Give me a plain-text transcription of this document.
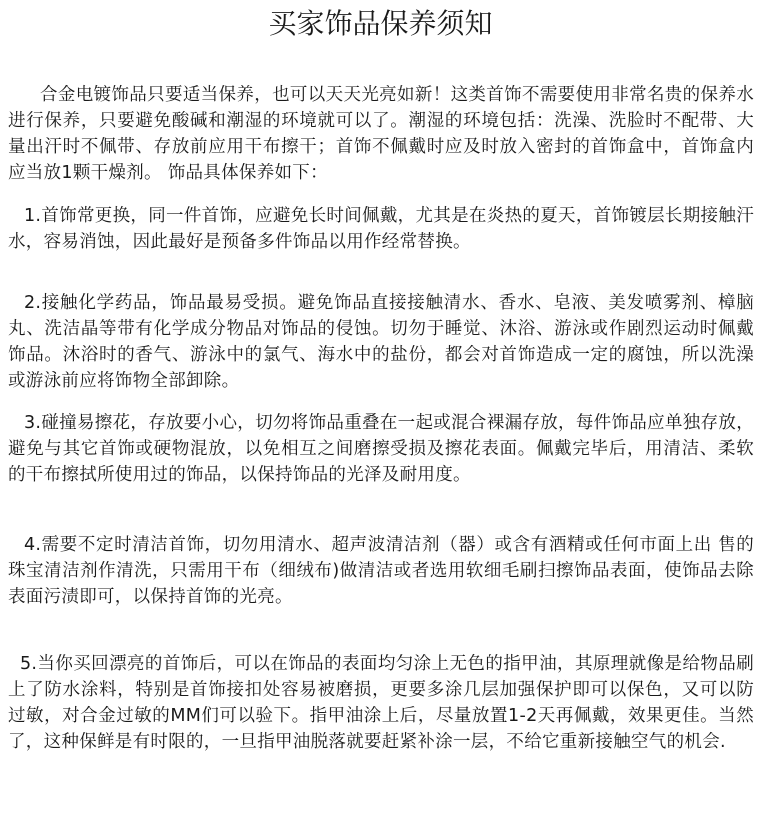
买家饰品保养须知

合金电镀饰品只要适当保养，也可以天天光亮如新！这类首饰不需要使用非常名贵的保养水进行保养，只要避免酸碱和潮湿的环境就可以了。潮湿的环境包括：洗澡、洗脸时不配带、大量出汗时不佩带、存放前应用干布擦干；首饰不佩戴时应及时放入密封的首饰盒中，首饰盒内应当放1颗干燥剂。 饰品具体保养如下：

1.首饰常更换，同一件首饰，应避免长时间佩戴，尤其是在炎热的夏天，首饰镀层长期接触汗水，容易消蚀，因此最好是预备多件饰品以用作经常替换。

2.接触化学药品，饰品最易受损。避免饰品直接接触清水、香水、皂液、美发喷雾剂、樟脑丸、洗洁晶等带有化学成分物品对饰品的侵蚀。切勿于睡觉、沐浴、游泳或作剧烈运动时佩戴饰品。沐浴时的香气、游泳中的氯气、海水中的盐份，都会对首饰造成一定的腐蚀，所以洗澡或游泳前应将饰物全部卸除。

3.碰撞易擦花，存放要小心，切勿将饰品重叠在一起或混合裸漏存放，每件饰品应单独存放，避免与其它首饰或硬物混放，以免相互之间磨擦受损及擦花表面。佩戴完毕后，用清洁、柔软的干布擦拭所使用过的饰品，以保持饰品的光泽及耐用度。

4.需要不定时清洁首饰，切勿用清水、超声波清洁剂（器）或含有酒精或任何市面上出 售的珠宝清洁剂作清洗，只需用干布（细绒布)做清洁或者选用软细毛刷扫擦饰品表面，使饰品去除表面污渍即可，以保持首饰的光亮。

5.当你买回漂亮的首饰后，可以在饰品的表面均匀涂上无色的指甲油，其原理就像是给物品刷上了防水涂料，特别是首饰接扣处容易被磨损，更要多涂几层加强保护即可以保色，又可以防过敏，对合金过敏的MM们可以验下。指甲油涂上后，尽量放置1-2天再佩戴，效果更佳。当然了，这种保鲜是有时限的，一旦指甲油脱落就要赶紧补涂一层，不给它重新接触空气的机会.
